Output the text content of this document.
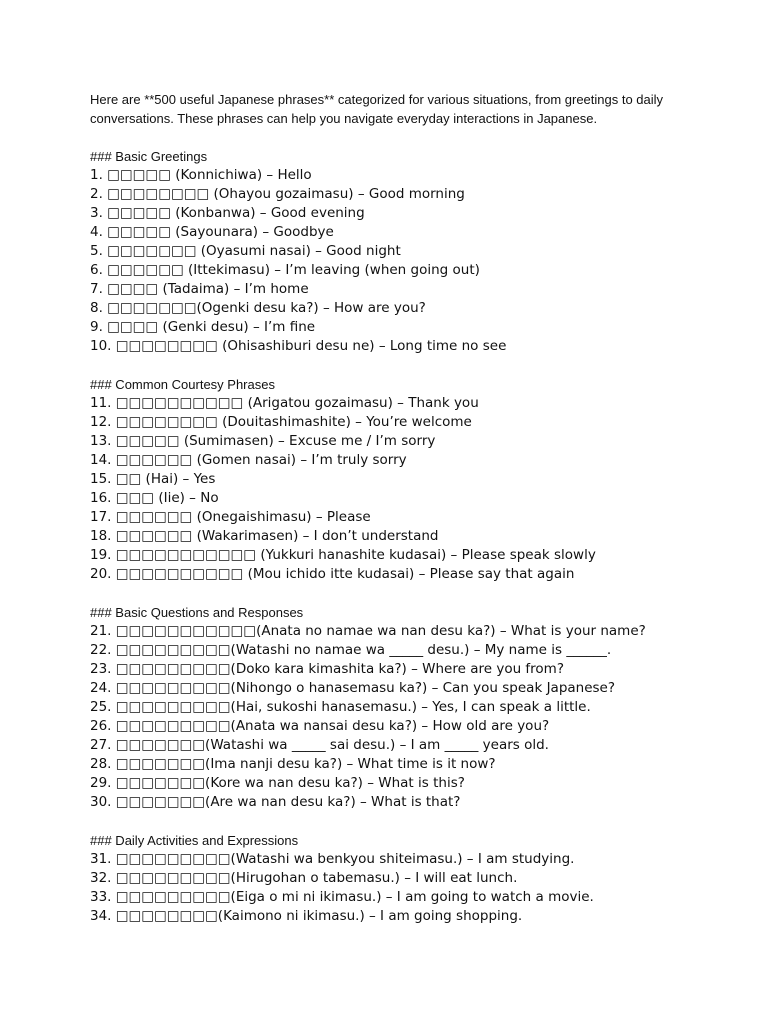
Here are **500 useful Japanese phrases** categorized for various situations, from greetings to daily conversations. These phrases can help you navigate everyday interactions in Japanese.

### Basic Greetings

1. □□□□□ (Konnichiwa) – Hello
2. □□□□□□□□ (Ohayou gozaimasu) – Good morning
3. □□□□□ (Konbanwa) – Good evening
4. □□□□□ (Sayounara) – Goodbye
5. □□□□□□□ (Oyasumi nasai) – Good night
6. □□□□□□ (Ittekimasu) – I’m leaving (when going out)
7. □□□□ (Tadaima) – I’m home
8. □□□□□□□(Ogenki desu ka?) – How are you?
9. □□□□ (Genki desu) – I’m fine
10. □□□□□□□□ (Ohisashiburi desu ne) – Long time no see

### Common Courtesy Phrases

11. □□□□□□□□□□ (Arigatou gozaimasu) – Thank you
12. □□□□□□□□ (Douitashimashite) – You’re welcome
13. □□□□□ (Sumimasen) – Excuse me / I’m sorry
14. □□□□□□ (Gomen nasai) – I’m truly sorry
15. □□ (Hai) – Yes
16. □□□ (Iie) – No
17. □□□□□□ (Onegaishimasu) – Please
18. □□□□□□ (Wakarimasen) – I don’t understand
19. □□□□□□□□□□□ (Yukkuri hanashite kudasai) – Please speak slowly
20. □□□□□□□□□□ (Mou ichido itte kudasai) – Please say that again

### Basic Questions and Responses

21. □□□□□□□□□□□(Anata no namae wa nan desu ka?) – What is your name?
22. □□□□□□□□□(Watashi no namae wa _____ desu.) – My name is ______.
23. □□□□□□□□□(Doko kara kimashita ka?) – Where are you from?
24. □□□□□□□□□(Nihongo o hanasemasu ka?) – Can you speak Japanese?
25. □□□□□□□□□(Hai, sukoshi hanasemasu.) – Yes, I can speak a little.
26. □□□□□□□□□(Anata wa nansai desu ka?) – How old are you?
27. □□□□□□□(Watashi wa _____ sai desu.) – I am _____ years old.
28. □□□□□□□(Ima nanji desu ka?) – What time is it now?
29. □□□□□□□(Kore wa nan desu ka?) – What is this?
30. □□□□□□□(Are wa nan desu ka?) – What is that?

### Daily Activities and Expressions

31. □□□□□□□□□(Watashi wa benkyou shiteimasu.) – I am studying.
32. □□□□□□□□□(Hirugohan o tabemasu.) – I will eat lunch.
33. □□□□□□□□□(Eiga o mi ni ikimasu.) – I am going to watch a movie.
34. □□□□□□□□(Kaimono ni ikimasu.) – I am going shopping.
